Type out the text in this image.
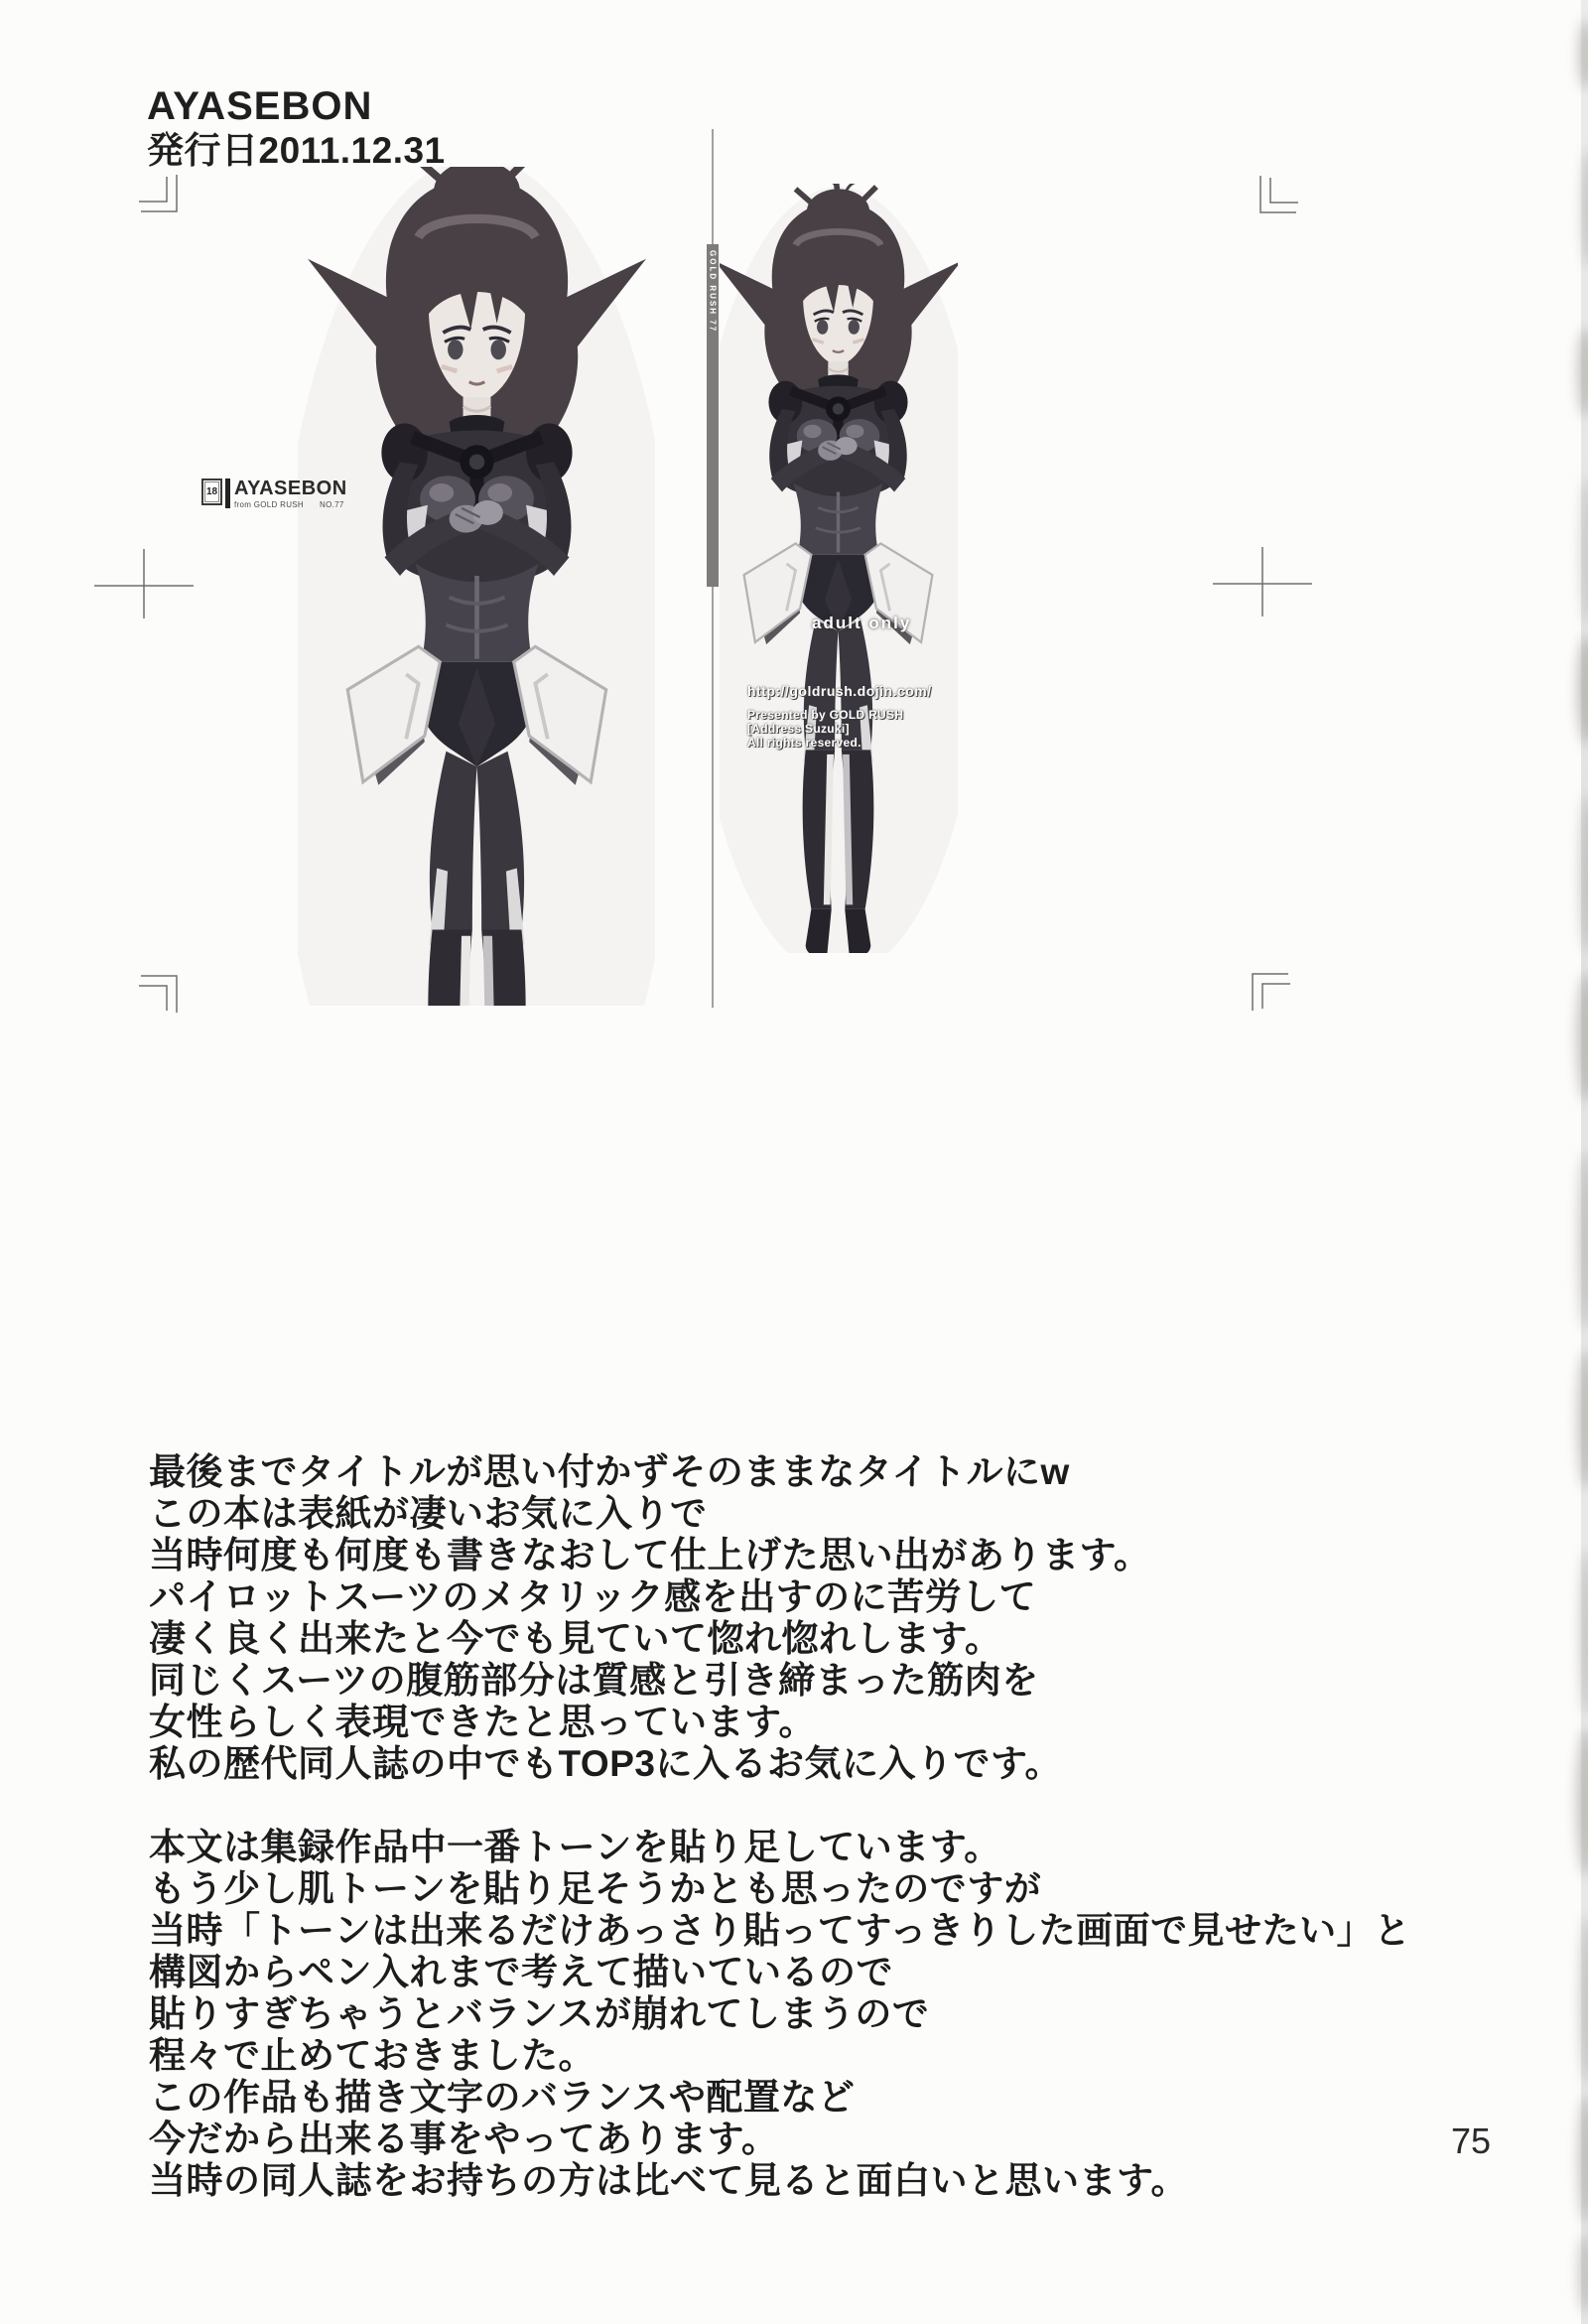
AYASEBON
発行日2011.12.31
GOLD RUSH 77
18 AYASEBON
from GOLD RUSH NO.77
adult only
http://goldrush.dojin.com/
Presented by GOLD RUSH
[Address Suzuki]
All rights reserved.
最後までタイトルが思い付かずそのままなタイトルにw
この本は表紙が凄いお気に入りで
当時何度も何度も書きなおして仕上げた思い出があります。
パイロットスーツのメタリック感を出すのに苦労して
凄く良く出来たと今でも見ていて惚れ惚れします。
同じくスーツの腹筋部分は質感と引き締まった筋肉を
女性らしく表現できたと思っています。
私の歴代同人誌の中でもTOP3に入るお気に入りです。
本文は集録作品中一番トーンを貼り足しています。
もう少し肌トーンを貼り足そうかとも思ったのですが
当時「トーンは出来るだけあっさり貼ってすっきりした画面で見せたい」と
構図からペン入れまで考えて描いているので
貼りすぎちゃうとバランスが崩れてしまうので
程々で止めておきました。
この作品も描き文字のバランスや配置など
今だから出来る事をやってあります。
当時の同人誌をお持ちの方は比べて見ると面白いと思います。
75
